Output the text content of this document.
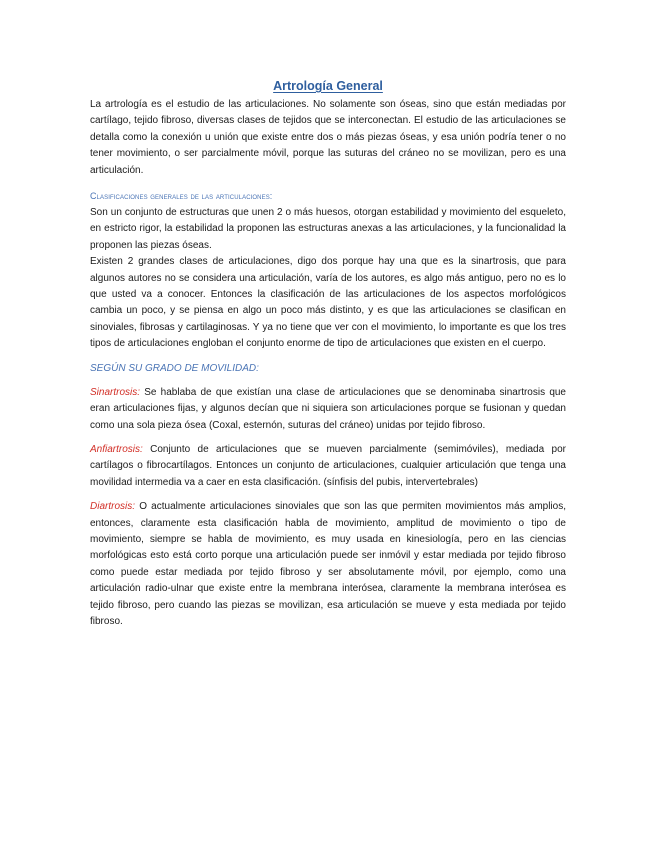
Artrología General

La artrología es el estudio de las articulaciones. No solamente son óseas, sino que están mediadas por cartílago, tejido fibroso, diversas clases de tejidos que se interconectan. El estudio de las articulaciones se detalla como la conexión u unión que existe entre dos o más piezas óseas, y esa unión podría tener o no tener movimiento, o ser parcialmente móvil, porque las suturas del cráneo no se movilizan, pero es una articulación.

Clasificaciones generales de las articulaciones:

Son un conjunto de estructuras que unen 2 o más huesos, otorgan estabilidad y movimiento del esqueleto, en estricto rigor, la estabilidad la proponen las estructuras anexas a las articulaciones, y la funcionalidad la proponen las piezas óseas.

Existen 2 grandes clases de articulaciones, digo dos porque hay una que es la sinartrosis, que para algunos autores no se considera una articulación, varía de los autores, es algo más antiguo, pero no es lo que usted va a conocer. Entonces la clasificación de las articulaciones de los aspectos morfológicos cambia un poco, y se piensa en algo un poco más distinto, y es que las articulaciones se clasifican en sinoviales, fibrosas y cartilaginosas. Y ya no tiene que ver con el movimiento, lo importante es que los tres tipos de articulaciones engloban el conjunto enorme de tipo de articulaciones que existen en el cuerpo.

SEGÚN SU GRADO DE MOVILIDAD:

Sinartrosis: Se hablaba de que existían una clase de articulaciones que se denominaba sinartrosis que eran articulaciones fijas, y algunos decían que ni siquiera son articulaciones porque se fusionan y quedan como una sola pieza ósea (Coxal, esternón, suturas del cráneo) unidas por tejido fibroso.

Anfiartrosis: Conjunto de articulaciones que se mueven parcialmente (semimóviles), mediada por cartílagos o fibrocartílagos. Entonces un conjunto de articulaciones, cualquier articulación que tenga una movilidad intermedia va a caer en esta clasificación. (sínfisis del pubis, intervertebrales)

Diartrosis: O actualmente articulaciones sinoviales que son las que permiten movimientos más amplios, entonces, claramente esta clasificación habla de movimiento, amplitud de movimiento o tipo de movimiento, siempre se habla de movimiento, es muy usada en kinesiología, pero en las ciencias morfológicas esto está corto porque una articulación puede ser inmóvil y estar mediada por tejido fibroso como puede estar mediada por tejido fibroso y ser absolutamente móvil, por ejemplo, como una articulación radio-ulnar que existe entre la membrana interósea, claramente la membrana interósea es tejido fibroso, pero cuando las piezas se movilizan, esa articulación se mueve y esta mediada por tejido fibroso.
